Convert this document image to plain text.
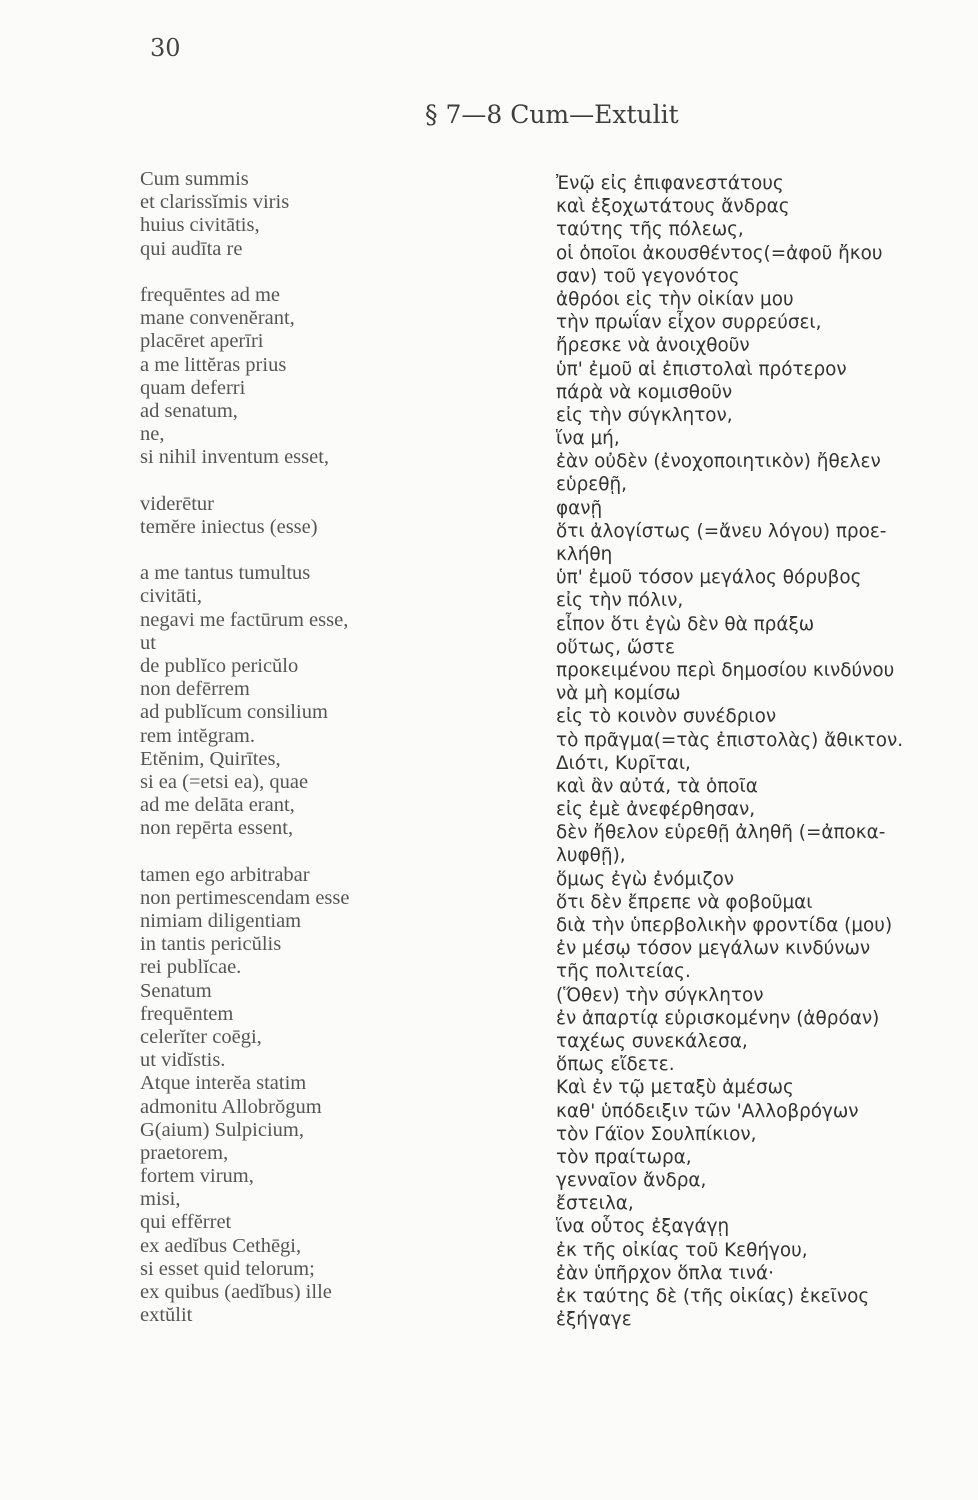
30
§ 7—8 Cum—Extulit
Cum summis
et clarissĭmis viris
huius civitātis,
qui audīta re
frequēntes ad me
mane convenĕrant,
placēret aperīri
a me littĕras prius
quam deferri
ad senatum,
ne,
si nihil inventum esset,
viderētur
temĕre iniectus (esse)
a me tantus tumultus
civitāti,
negavi me factūrum esse,
ut
de publĭco pericŭlo
non defērrem
ad publĭcum consilium
rem intĕgram.
Etĕnim, Quirītes,
si ea (=etsi ea), quae
ad me delāta erant,
non repērta essent,
tamen ego arbitrabar
non pertimescendam esse
nimiam diligentiam
in tantis pericŭlis
rei publĭcae.
Senatum
frequēntem
celerĭter coēgi,
ut vidĭstis.
Atque interĕa statim
admonitu Allobrŏgum
G(aium) Sulpicium,
praetorem,
fortem virum,
misi,
qui effĕrret
ex aedĭbus Cethēgi,
si esset quid telorum;
ex quibus (aedĭbus) ille
extŭlit
Ἐνῷ εἰς ἐπιφανεστάτους
καὶ ἐξοχωτάτους ἄνδρας
ταύτης τῆς πόλεως,
οἱ ὁποῖοι ἀκουσθέντος(=ἀφοῦ ἤκου
σαν) τοῦ γεγονότος
ἀθρόοι εἰς τὴν οἰκίαν μου
τὴν πρωΐαν εἶχον συρρεύσει,
ἤρεσκε νὰ ἀνοιχθοῦν
ὑπ' ἐμοῦ αἱ ἐπιστολαὶ πρότερον
πάρὰ νὰ κομισθοῦν
εἰς τὴν σύγκλητον,
ἵνα μή,
ἐὰν οὐδὲν (ἐνοχοποιητικὸν) ἤθελεν
εὑρεθῇ,
φανῇ
ὅτι ἀλογίστως (=ἄνευ λόγου) προε-
κλήθη
ὑπ' ἐμοῦ τόσον μεγάλος θόρυβος
εἰς τὴν πόλιν,
εἶπον ὅτι ἐγὼ δὲν θὰ πράξω
οὕτως, ὥστε
προκειμένου περὶ δημοσίου κινδύνου
νὰ μὴ κομίσω
εἰς τὸ κοινὸν συνέδριον
τὸ πρᾶγμα(=τὰς ἐπιστολὰς) ἄθικτον.
Διότι, Κυρῖται,
καὶ ἂν αὐτά, τὰ ὁποῖα
εἰς ἐμὲ ἀνεφέρθησαν,
δὲν ἤθελον εὑρεθῇ ἀληθῆ (=ἀποκα-
λυφθῇ),
ὅμως ἐγὼ ἐνόμιζον
ὅτι δὲν ἔπρεπε νὰ φοβοῦμαι
διὰ τὴν ὑπερβολικὴν φροντίδα (μου)
ἐν μέσῳ τόσον μεγάλων κινδύνων
τῆς πολιτείας.
(Ὅθεν) τὴν σύγκλητον
ἐν ἀπαρτίᾳ εὑρισκομένην (ἀθρόαν)
ταχέως συνεκάλεσα,
ὅπως εἴδετε.
Καὶ ἐν τῷ μεταξὺ ἀμέσως
καθ' ὑπόδειξιν τῶν 'Αλλοβρόγων
τὸν Γάϊον Σουλπίκιον,
τὸν πραίτωρα,
γενναῖον ἄνδρα,
ἔστειλα,
ἵνα οὗτος ἐξαγάγῃ
ἐκ τῆς οἰκίας τοῦ Κεθήγου,
ἐὰν ὑπῆρχον ὅπλα τινά·
ἐκ ταύτης δὲ (τῆς οἰκίας) ἐκεῖνος
ἐξήγαγε
